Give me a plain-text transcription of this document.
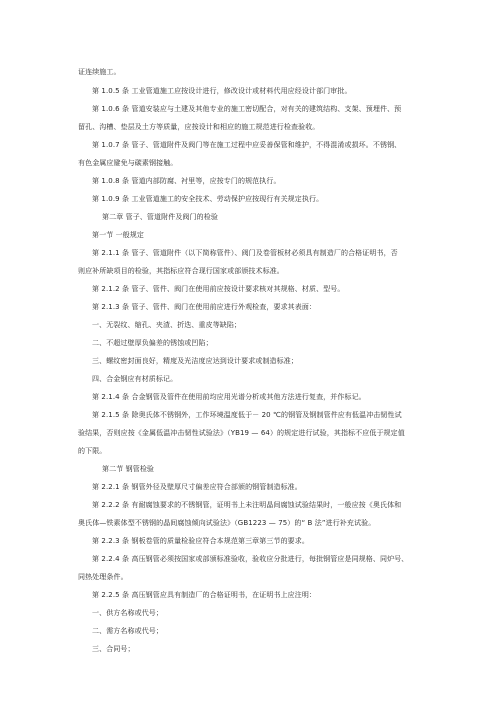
证连续施工。
第 1.0.5 条 工业管道施工应按设计进行，修改设计或材料代用应经设计部门审批。
第 1.0.6 条 管道安装应与土建及其他专业的施工密切配合，对有关的建筑结构、支架、预埋件、预
留孔、沟槽、垫层及土方等质量，应按设计和相应的施工规范进行检查验收。
第 1.0.7 条 管子、管道附件及阀门等在施工过程中应妥善保管和维护，不得混淆或损坏。不锈钢、
有色金属应避免与碳素钢接触。
第 1.0.8 条 管道内部防腐、衬里等，应按专门的规范执行。
第 1.0.9 条 工业管道施工的安全技术、劳动保护应按现行有关规定执行。
第二章 管子、管道附件及阀门的检验
第一节 一般规定
第 2.1.1 条 管子、管道附件（以下简称管件）、阀门及卷管板材必须具有制造厂的合格证明书，否
则应补所缺项目的检验，其指标应符合现行国家或部颁技术标准。
第 2.1.2 条 管子、管件、阀门在使用前应按设计要求核对其规格、材质、型号。
第 2.1.3 条 管子、管件、阀门在使用前应进行外观检查，要求其表面：
一、无裂纹、缩孔、夹渣、折迭、重皮等缺陷；
二、不超过壁厚负偏差的锈蚀或凹陷；
三、螺纹密封面良好，精度及光洁度应达到设计要求或制造标准；
四、合金钢应有材质标记。
第 2.1.4 条 合金钢管及管件在使用前均应用光谱分析或其他方法进行复查，并作标记。
第 2.1.5 条 除奥氏体不锈钢外，工作环境温度低于－ 20 ℃的钢管及钢制管件应有低温冲击韧性试
验结果，否则应按《金属低温冲击韧性试验法》（YB19 — 64）的规定进行试验，其指标不应低于规定值
的下限。
第二节 钢管检验
第 2.2.1 条 钢管外径及壁厚尺寸偏差应符合部颁的钢管制造标准。
第 2.2.2 条 有耐腐蚀要求的不锈钢管，证明书上未注明晶间腐蚀试验结果时，一般应按《奥氏体和
奥氏体—铁素体型不锈钢的晶间腐蚀倾向试验法》（GB1223 — 75）的“ B 法”进行补充试验。
第 2.2.3 条 钢板卷管的质量检验应符合本规范第三章第三节的要求。
第 2.2.4 条 高压钢管必须按国家或部颁标准验收，验收应分批进行，每批钢管应是同规格、同炉号、
同热处理条件。
第 2.2.5 条 高压钢管应具有制造厂的合格证明书，在证明书上应注明：
一、供方名称或代号；
二、需方名称或代号；
三、合同号；
